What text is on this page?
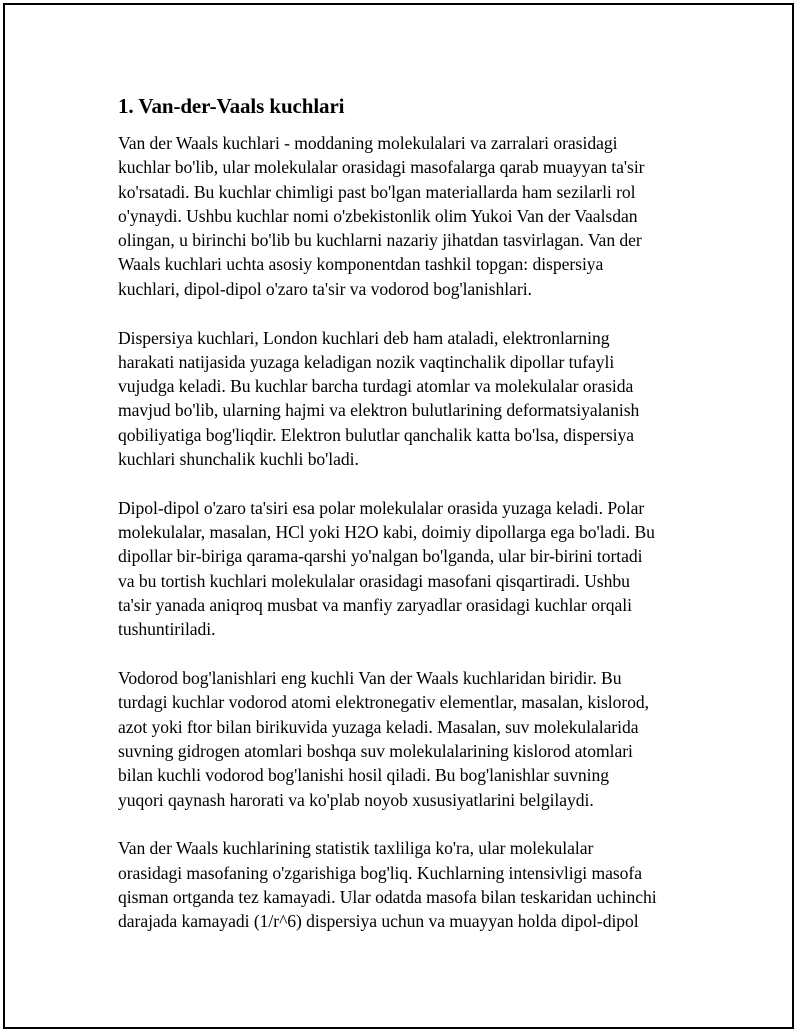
1. Van-der-Vaals kuchlari

Van der Waals kuchlari - moddaning molekulalari va zarralari orasidagi
kuchlar bo'lib, ular molekulalar orasidagi masofalarga qarab muayyan ta'sir
ko'rsatadi. Bu kuchlar chimligi past bo'lgan materiallarda ham sezilarli rol
o'ynaydi. Ushbu kuchlar nomi o'zbekistonlik olim Yukoi Van der Vaalsdan
olingan, u birinchi bo'lib bu kuchlarni nazariy jihatdan tasvirlagan. Van der
Waals kuchlari uchta asosiy komponentdan tashkil topgan: dispersiya
kuchlari, dipol-dipol o'zaro ta'sir va vodorod bog'lanishlari.

Dispersiya kuchlari, London kuchlari deb ham ataladi, elektronlarning
harakati natijasida yuzaga keladigan nozik vaqtinchalik dipollar tufayli
vujudga keladi. Bu kuchlar barcha turdagi atomlar va molekulalar orasida
mavjud bo'lib, ularning hajmi va elektron bulutlarining deformatsiyalanish
qobiliyatiga bog'liqdir. Elektron bulutlar qanchalik katta bo'lsa, dispersiya
kuchlari shunchalik kuchli bo'ladi.

Dipol-dipol o'zaro ta'siri esa polar molekulalar orasida yuzaga keladi. Polar
molekulalar, masalan, HCl yoki H2O kabi, doimiy dipollarga ega bo'ladi. Bu
dipollar bir-biriga qarama-qarshi yo'nalgan bo'lganda, ular bir-birini tortadi
va bu tortish kuchlari molekulalar orasidagi masofani qisqartiradi. Ushbu
ta'sir yanada aniqroq musbat va manfiy zaryadlar orasidagi kuchlar orqali
tushuntiriladi.

Vodorod bog'lanishlari eng kuchli Van der Waals kuchlaridan biridir. Bu
turdagi kuchlar vodorod atomi elektronegativ elementlar, masalan, kislorod,
azot yoki ftor bilan birikuvida yuzaga keladi. Masalan, suv molekulalarida
suvning gidrogen atomlari boshqa suv molekulalarining kislorod atomlari
bilan kuchli vodorod bog'lanishi hosil qiladi. Bu bog'lanishlar suvning
yuqori qaynash harorati va ko'plab noyob xususiyatlarini belgilaydi.

Van der Waals kuchlarining statistik taxliliga ko'ra, ular molekulalar
orasidagi masofaning o'zgarishiga bog'liq. Kuchlarning intensivligi masofa
qisman ortganda tez kamayadi. Ular odatda masofa bilan teskaridan uchinchi
darajada kamayadi (1/r^6) dispersiya uchun va muayyan holda dipol-dipol
